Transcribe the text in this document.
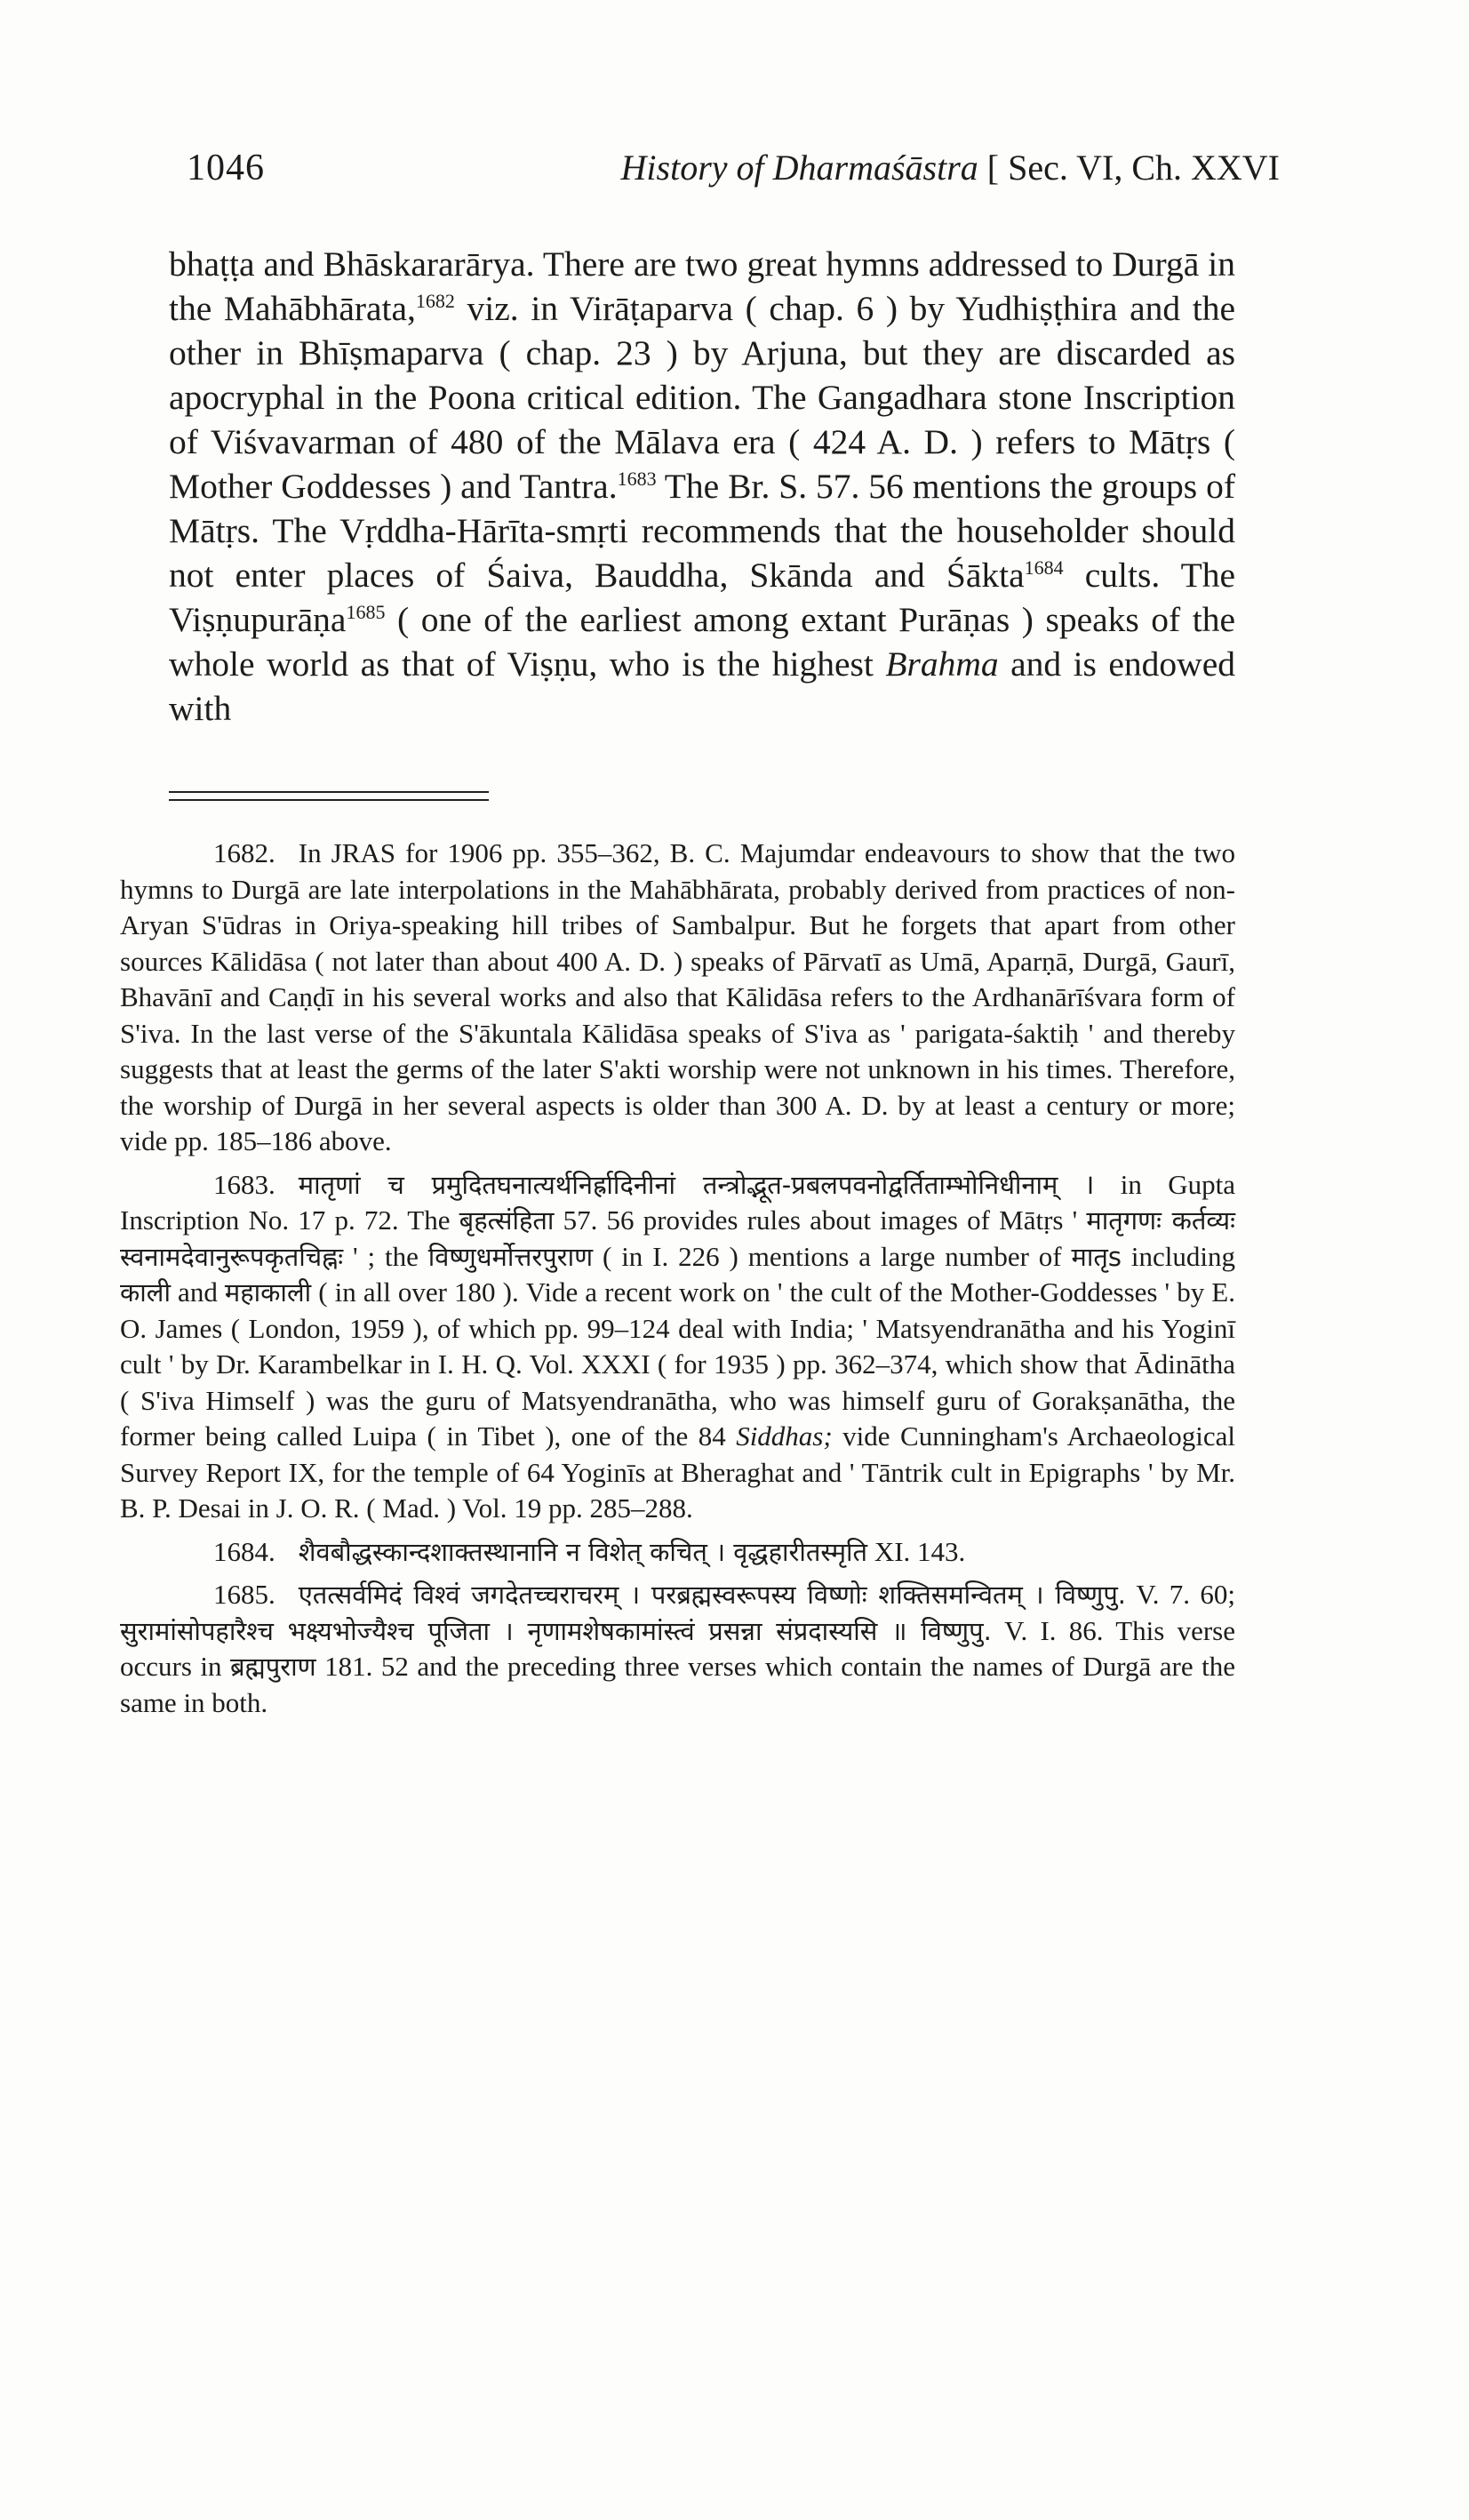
1046	History of Dharmaśāstra [ Sec. VI, Ch. XXVI

bhaṭṭa and Bhāskararārya. There are two great hymns addressed to Durgā in the Mahābhārata,$^{1682}$ viz. in Virāṭaparva ( chap. 6 ) by Yudhiṣṭhira and the other in Bhīṣmaparva ( chap. 23 ) by Arjuna, but they are discarded as apocryphal in the Poona critical edition. The Gangadhara stone Inscription of Viśvavarman of 480 of the Mālava era ( 424 A. D. ) refers to Mātṛs ( Mother Goddesses ) and Tantra.$^{1683}$ The Br. S. 57. 56 mentions the groups of Mātṛs. The Vṛddha-Hārīta-smṛti recommends that the householder should not enter places of Śaiva, Bauddha, Skānda and Śākta$^{1684}$ cults. The Viṣṇupurāṇa$^{1685}$ ( one of the earliest among extant Purāṇas ) speaks of the whole world as that of Viṣṇu, who is the highest Brahma and is endowed with

1682. In JRAS for 1906 pp. 355–362, B. C. Majumdar endeavours to show that the two hymns to Durgā are late interpolations in the Mahābhārata, probably derived from practices of non-Aryan S'ūdras in Oriya-speaking hill tribes of Sambalpur. But he forgets that apart from other sources Kālidāsa ( not later than about 400 A. D. ) speaks of Pārvatī as Umā, Aparṇā, Durgā, Gaurī, Bhavānī and Caṇḍī in his several works and also that Kālidāsa refers to the Ardhanārīśvara form of S'iva. In the last verse of the S'ākuntala Kālidāsa speaks of S'iva as ' parigata-śaktiḥ ' and thereby suggests that at least the germs of the later S'akti worship were not unknown in his times. Therefore, the worship of Durgā in her several aspects is older than 300 A. D. by at least a century or more; vide pp. 185–186 above.

1683. मातृणां च प्रमुदितघनात्यर्थनिर्ह्रादिनीनां तन्त्रोद्भूत-प्रबलपवनोद्वर्तिताम्भोनिधीनाम् । in Gupta Inscription No. 17 p. 72. The बृहत्संहिता 57. 56 provides rules about images of Mātṛs ' मातृगणः कर्तव्यः स्वनामदेवानुरूपकृतचिह्नः ' ; the विष्णुधर्मोत्तरपुराण ( in I. 226 ) mentions a large number of मातृs including काली and महाकाली ( in all over 180 ). Vide a recent work on ' the cult of the Mother-Goddesses ' by E. O. James ( London, 1959 ), of which pp. 99–124 deal with India; ' Matsyendranātha and his Yoginī cult ' by Dr. Karambelkar in I. H. Q. Vol. XXXI ( for 1935 ) pp. 362–374, which show that Ādinātha ( S'iva Himself ) was the guru of Matsyendranātha, who was himself guru of Gorakṣanātha, the former being called Luipa ( in Tibet ), one of the 84 Siddhas; vide Cunningham's Archaeological Survey Report IX, for the temple of 64 Yoginīs at Bheraghat and ' Tāntrik cult in Epigraphs ' by Mr. B. P. Desai in J. O. R. ( Mad. ) Vol. 19 pp. 285–288.

1684. शैवबौद्धस्कान्दशाक्तस्थानानि न विशेत् कचित् । वृद्धहारीतस्मृति XI. 143.

1685. एतत्सर्वमिदं विश्वं जगदेतच्चराचरम् । परब्रह्मस्वरूपस्य विष्णोः शक्तिसमन्वितम् । विष्णुपु. V. 7. 60; सुरामांसोपहारैश्च भक्ष्यभोज्यैश्च पूजिता । नृणामशेषकामांस्त्वं प्रसन्ना संप्रदास्यसि ॥ विष्णुपु. V. I. 86. This verse occurs in ब्रह्मपुराण 181. 52 and the preceding three verses which contain the names of Durgā are the same in both.
